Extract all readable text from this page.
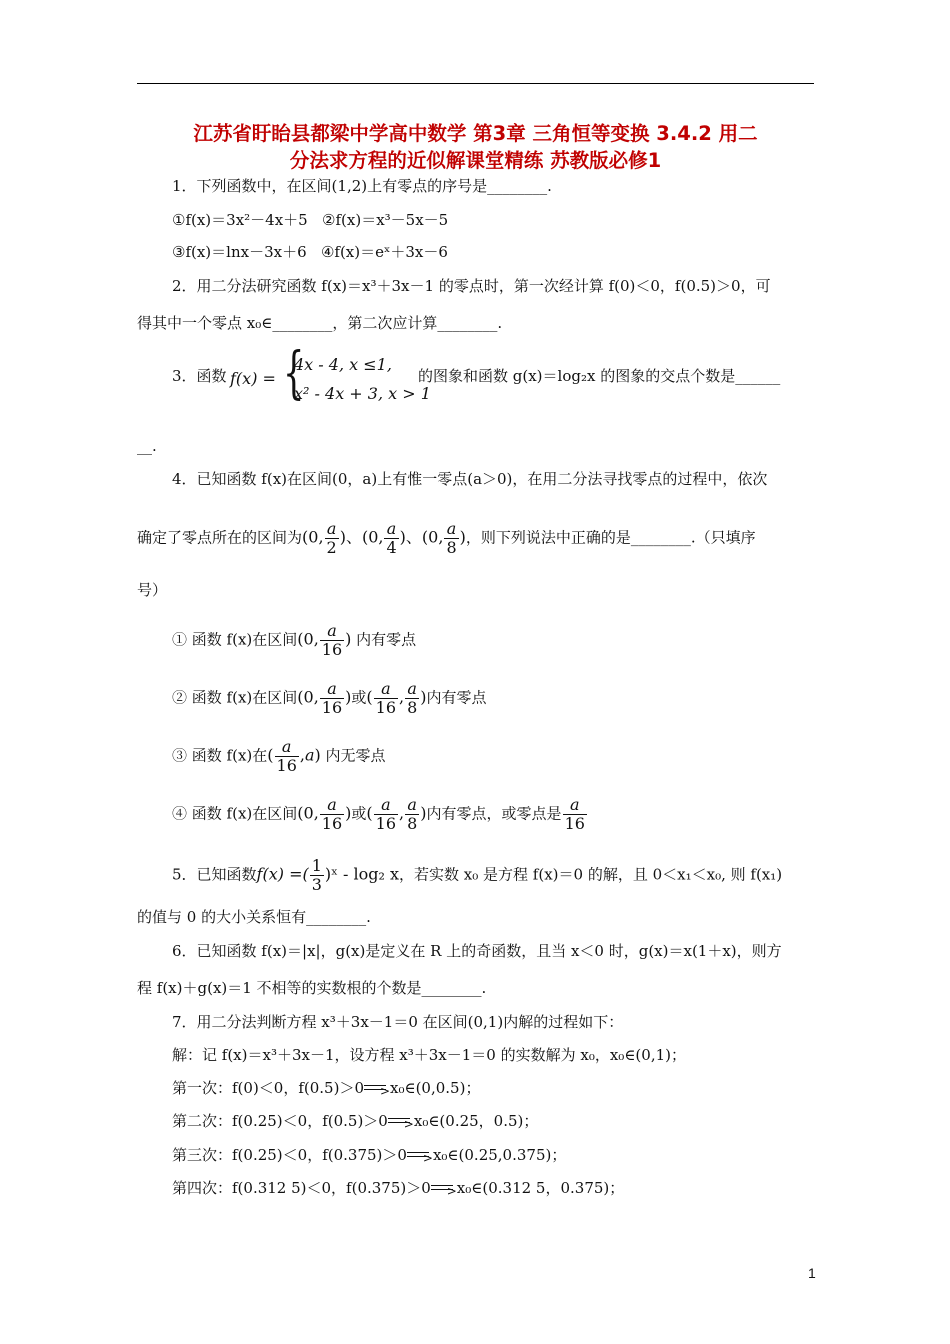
江苏省盱眙县都梁中学高中数学 第3章 三角恒等变换 3.4.2 用二
分法求方程的近似解课堂精练 苏教版必修1
1．下列函数中，在区间(1,2)上有零点的序号是________.
①f(x)＝3x²－4x＋5 ②f(x)＝x³－5x－5
③f(x)＝lnx－3x＋6 ④f(x)＝eˣ＋3x－6
2．用二分法研究函数 f(x)＝x³＋3x－1 的零点时，第一次经计算 f(0)＜0，f(0.5)＞0，可
得其中一个零点 x₀∈________，第二次应计算________.
3．函数 f(x) = {
4x - 4, x ≤1,
x² - 4x + 3, x > 1
的图象和函数 g(x)＝log₂x 的图象的交点个数是______
__.
4．已知函数 f(x)在区间(0，a)上有惟一零点(a＞0)，在用二分法寻找零点的过程中，依次
确定了零点所在的区间为(0, $\frac{a}{2}$ )、(0, $\frac{a}{4}$ )、(0, $\frac{a}{8}$ )，则下列说法中正确的是________.（只填序
号）
① 函数 f(x)在区间(0, $\frac{a}{16}$ ) 内有零点
② 函数 f(x)在区间(0, $\frac{a}{16}$ )或( $\frac{a}{16}$ , $\frac{a}{8}$ )内有零点
③ 函数 f(x)在( $\frac{a}{16} ,a$) 内无零点
④ 函数 f(x)在区间(0, $\frac{a}{16}$ )或( $\frac{a}{16}$ , $\frac{a}{8}$ )内有零点，或零点是 $\frac{a}{16}$
5．已知函数f(x) =( $\frac{1}{3}$ )ˣ - log₂ x，若实数 x₀ 是方程 f(x)＝0 的解，且 0＜x₁＜x₀, 则 f(x₁)
的值与 0 的大小关系恒有________.
6．已知函数 f(x)＝|x|，g(x)是定义在 R 上的奇函数，且当 x＜0 时，g(x)＝x(1＋x)，则方
程 f(x)＋g(x)＝1 不相等的实数根的个数是________.
7．用二分法判断方程 x³＋3x－1＝0 在区间(0,1)内解的过程如下：
解：记 f(x)＝x³＋3x－1，设方程 x³＋3x－1＝0 的实数解为 x₀，x₀∈(0,1)；
第一次：f(0)＜0，f(0.5)＞0 > x₀∈(0,0.5)；
第二次：f(0.25)＜0，f(0.5)＞0 > x₀∈(0.25，0.5)；
第三次：f(0.25)＜0，f(0.375)＞0 > x₀∈(0.25,0.375)；
第四次：f(0.312 5)＜0，f(0.375)＞0 > x₀∈(0.312 5，0.375)；
1
